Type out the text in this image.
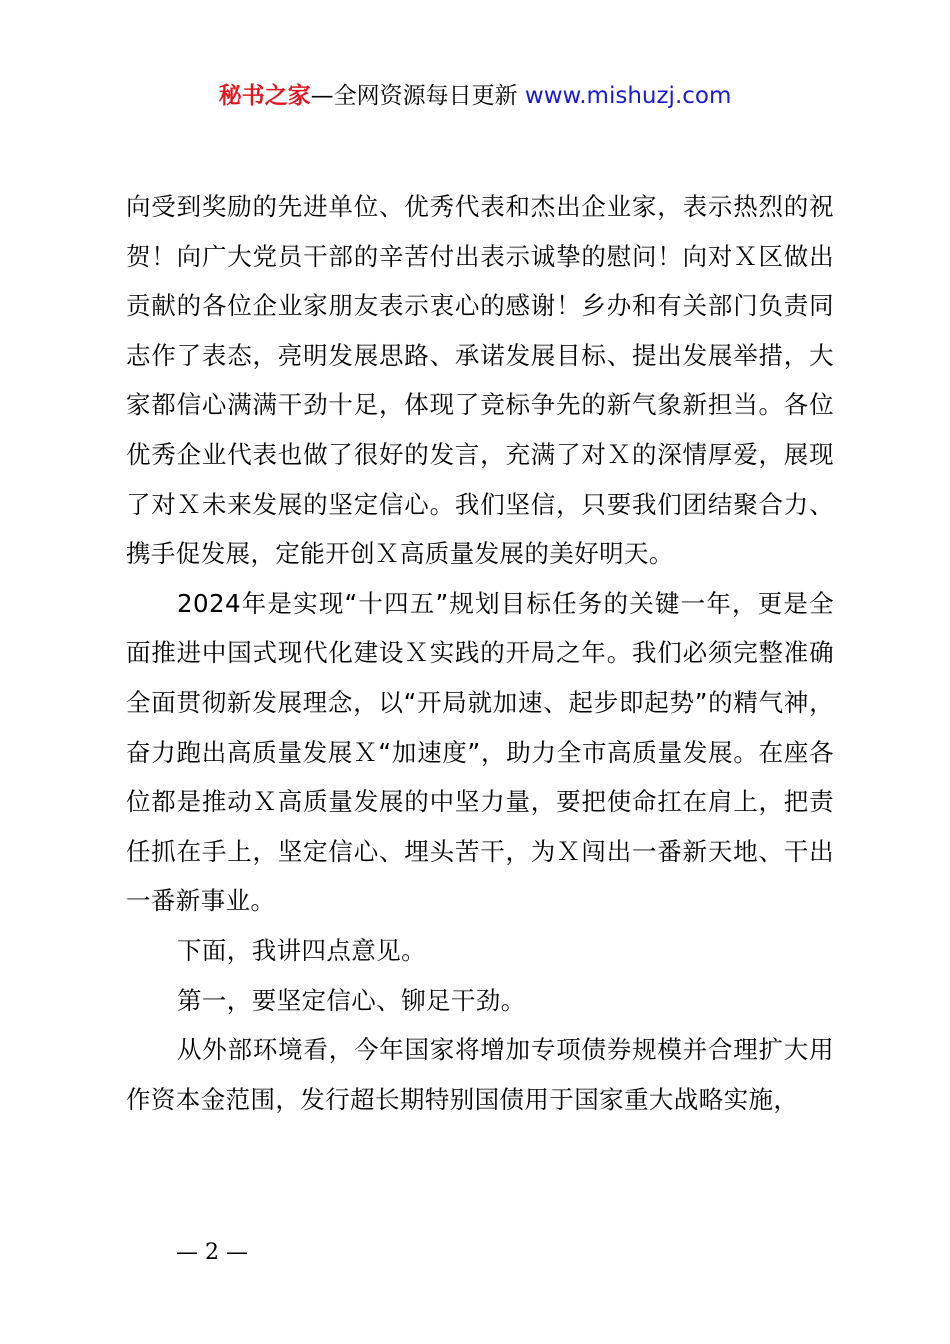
秘书之家—全网资源每日更新 www.mishuzj.com

向受到奖励的先进单位、优秀代表和杰出企业家，表示热烈的祝贺！向广大党员干部的辛苦付出表示诚挚的慰问！向对Ｘ区做出贡献的各位企业家朋友表示衷心的感谢！乡办和有关部门负责同志作了表态，亮明发展思路、承诺发展目标、提出发展举措，大家都信心满满干劲十足，体现了竞标争先的新气象新担当。各位优秀企业代表也做了很好的发言，充满了对Ｘ的深情厚爱，展现了对Ｘ未来发展的坚定信心。我们坚信，只要我们团结聚合力、携手促发展，定能开创Ｘ高质量发展的美好明天。

2024年是实现“十四五”规划目标任务的关键一年，更是全面推进中国式现代化建设Ｘ实践的开局之年。我们必须完整准确全面贯彻新发展理念，以“开局就加速、起步即起势”的精气神，奋力跑出高质量发展Ｘ“加速度”，助力全市高质量发展。在座各位都是推动Ｘ高质量发展的中坚力量，要把使命扛在肩上，把责任抓在手上，坚定信心、埋头苦干，为Ｘ闯出一番新天地、干出一番新事业。

下面，我讲四点意见。

第一，要坚定信心、铆足干劲。

从外部环境看，今年国家将增加专项债券规模并合理扩大用作资本金范围，发行超长期特别国债用于国家重大战略实施，

— 2 —
